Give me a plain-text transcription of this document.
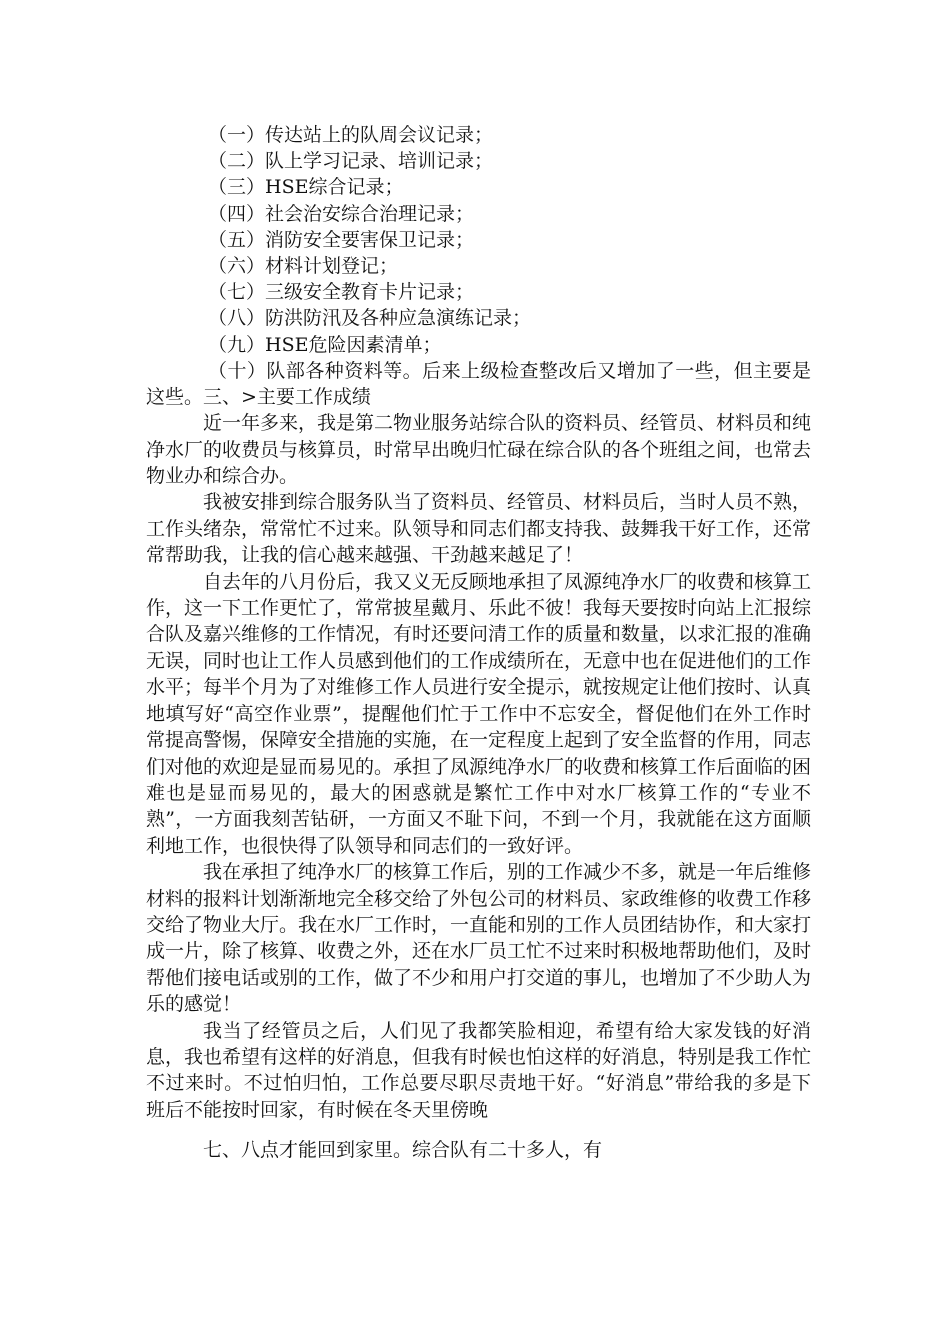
（一）传达站上的队周会议记录；
（二）队上学习记录、培训记录；
（三）HSE综合记录；
（四）社会治安综合治理记录；
（五）消防安全要害保卫记录；
（六）材料计划登记；
（七）三级安全教育卡片记录；
（八）防洪防汛及各种应急演练记录；
（九）HSE危险因素清单；
（十）队部各种资料等。后来上级检查整改后又增加了一些，但主要是这些。三、>主要工作成绩

近一年多来，我是第二物业服务站综合队的资料员、经管员、材料员和纯净水厂的收费员与核算员，时常早出晚归忙碌在综合队的各个班组之间，也常去物业办和综合办。

我被安排到综合服务队当了资料员、经管员、材料员后，当时人员不熟，工作头绪杂，常常忙不过来。队领导和同志们都支持我、鼓舞我干好工作，还常常帮助我，让我的信心越来越强、干劲越来越足了！

自去年的八月份后，我又义无反顾地承担了凤源纯净水厂的收费和核算工作，这一下工作更忙了，常常披星戴月、乐此不彼！我每天要按时向站上汇报综合队及嘉兴维修的工作情况，有时还要问清工作的质量和数量，以求汇报的准确无误，同时也让工作人员感到他们的工作成绩所在，无意中也在促进他们的工作水平；每半个月为了对维修工作人员进行安全提示，就按规定让他们按时、认真地填写好“高空作业票”，提醒他们忙于工作中不忘安全，督促他们在外工作时常提高警惕，保障安全措施的实施，在一定程度上起到了安全监督的作用，同志们对他的欢迎是显而易见的。承担了凤源纯净水厂的收费和核算工作后面临的困难也是显而易见的，最大的困惑就是繁忙工作中对水厂核算工作的“专业不熟”，一方面我刻苦钻研，一方面又不耻下问，不到一个月，我就能在这方面顺利地工作，也很快得了队领导和同志们的一致好评。

我在承担了纯净水厂的核算工作后，别的工作减少不多，就是一年后维修材料的报料计划渐渐地完全移交给了外包公司的材料员、家政维修的收费工作移交给了物业大厅。我在水厂工作时，一直能和别的工作人员团结协作，和大家打成一片，除了核算、收费之外，还在水厂员工忙不过来时积极地帮助他们，及时帮他们接电话或别的工作，做了不少和用户打交道的事儿，也增加了不少助人为乐的感觉！

我当了经管员之后，人们见了我都笑脸相迎，希望有给大家发钱的好消息，我也希望有这样的好消息，但我有时候也怕这样的好消息，特别是我工作忙不过来时。不过怕归怕，工作总要尽职尽责地干好。“好消息”带给我的多是下班后不能按时回家，有时候在冬天里傍晚

七、八点才能回到家里。综合队有二十多人，有
